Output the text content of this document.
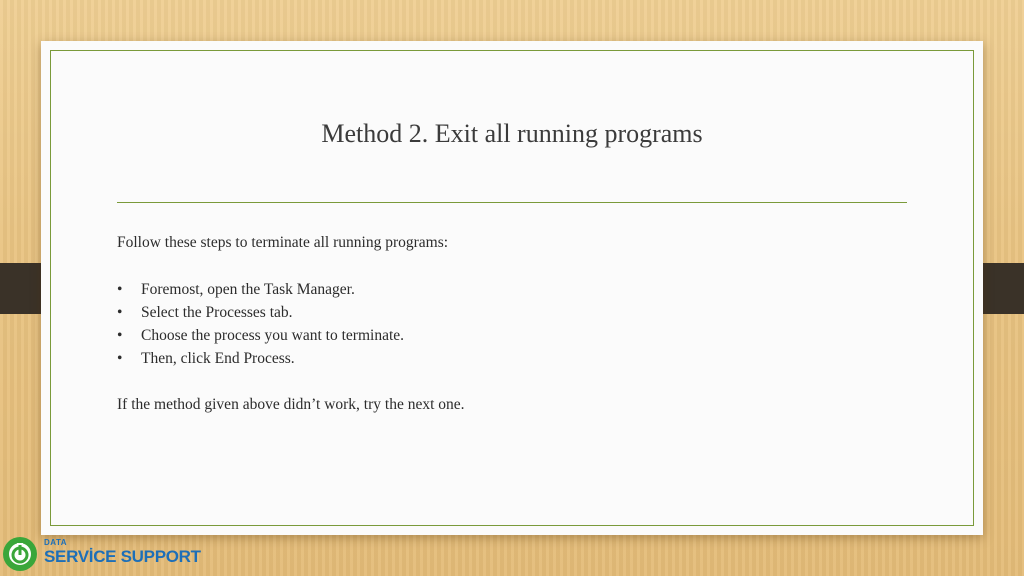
Method 2. Exit all running programs

Follow these steps to terminate all running programs:

• Foremost, open the Task Manager.
• Select the Processes tab.
• Choose the process you want to terminate.
• Then, click End Process.

If the method given above didn’t work, try the next one.

DATA
SERVİCE SUPPORT
